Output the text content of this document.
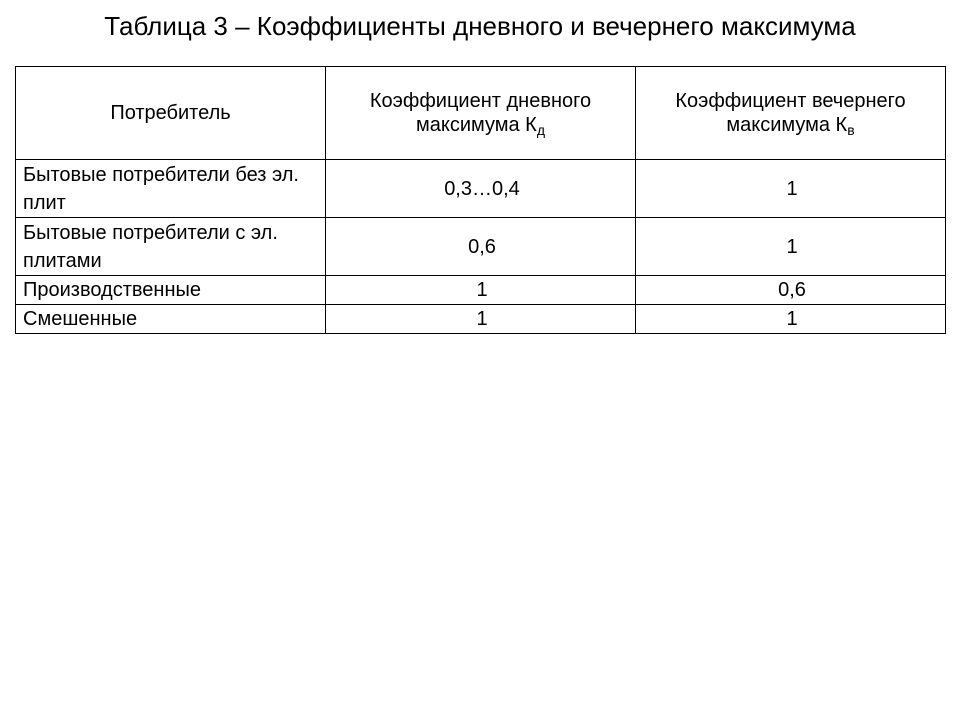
Таблица 3 – Коэффициенты дневного и вечернего максимума
Потребитель	Коэффициент дневного максимума $К_д$	Коэффициент вечернего максимума $К_в$
Бытовые потребители без эл. плит	0,3…0,4	1
Бытовые потребители с эл. плитами	0,6	1
Производственные	1	0,6
Смешенные	1	1
